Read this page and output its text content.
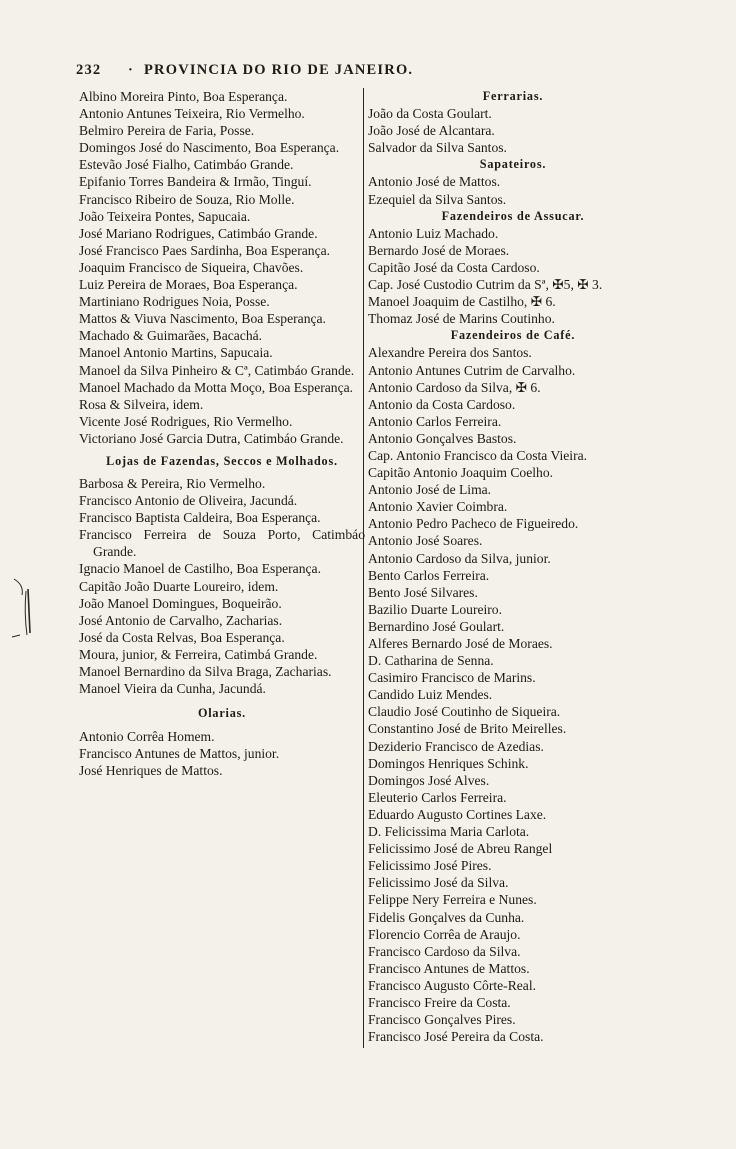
232 · PROVINCIA DO RIO DE JANEIRO.
Albino Moreira Pinto, Boa Esperança.
Antonio Antunes Teixeira, Rio Vermelho.
Belmiro Pereira de Faria, Posse.
Domingos José do Nascimento, Boa Esperança.
Estevão José Fialho, Catimbáo Grande.
Epifanio Torres Bandeira & Irmão, Tinguí.
Francisco Ribeiro de Souza, Rio Molle.
João Teixeira Pontes, Sapucaia.
José Mariano Rodrigues, Catimbáo Grande.
José Francisco Paes Sardinha, Boa Esperança.
Joaquim Francisco de Siqueira, Chavões.
Luiz Pereira de Moraes, Boa Esperança.
Martiniano Rodrigues Noia, Posse.
Mattos & Viuva Nascimento, Boa Esperança.
Machado & Guimarães, Bacachá.
Manoel Antonio Martins, Sapucaia.
Manoel da Silva Pinheiro & Cª, Catimbáo Grande.
Manoel Machado da Motta Moço, Boa Esperança.
Rosa & Silveira, idem.
Vicente José Rodrigues, Rio Vermelho.
Victoriano José Garcia Dutra, Catimbáo Grande.
Lojas de Fazendas, Seccos e Molhados.
Barbosa & Pereira, Rio Vermelho.
Francisco Antonio de Oliveira, Jacundá.
Francisco Baptista Caldeira, Boa Esperança.
Francisco Ferreira de Souza Porto, Catimbáo Grande.
Ignacio Manoel de Castilho, Boa Esperança.
Capitão João Duarte Loureiro, idem.
João Manoel Domingues, Boqueirão.
José Antonio de Carvalho, Zacharias.
José da Costa Relvas, Boa Esperança.
Moura, junior, & Ferreira, Catimbá Grande.
Manoel Bernardino da Silva Braga, Zacharias.
Manoel Vieira da Cunha, Jacundá.
Olarias.
Antonio Corrêa Homem.
Francisco Antunes de Mattos, junior.
José Henriques de Mattos.
Ferrarias.
João da Costa Goulart.
João José de Alcantara.
Salvador da Silva Santos.
Sapateiros.
Antonio José de Mattos.
Ezequiel da Silva Santos.
Fazendeiros de Assucar.
Antonio Luiz Machado.
Bernardo José de Moraes.
Capitão José da Costa Cardoso.
Cap. José Custodio Cutrim da Sª, ✠5, ✠ 3.
Manoel Joaquim de Castilho, ✠ 6.
Thomaz José de Marins Coutinho.
Fazendeiros de Café.
Alexandre Pereira dos Santos.
Antonio Antunes Cutrim de Carvalho.
Antonio Cardoso da Silva, ✠ 6.
Antonio da Costa Cardoso.
Antonio Carlos Ferreira.
Antonio Gonçalves Bastos.
Cap. Antonio Francisco da Costa Vieira.
Capitão Antonio Joaquim Coelho.
Antonio José de Lima.
Antonio Xavier Coimbra.
Antonio Pedro Pacheco de Figueiredo.
Antonio José Soares.
Antonio Cardoso da Silva, junior.
Bento Carlos Ferreira.
Bento José Silvares.
Bazilio Duarte Loureiro.
Bernardino José Goulart.
Alferes Bernardo José de Moraes.
D. Catharina de Senna.
Casimiro Francisco de Marins.
Candido Luiz Mendes.
Claudio José Coutinho de Siqueira.
Constantino José de Brito Meirelles.
Deziderio Francisco de Azedias.
Domingos Henriques Schink.
Domingos José Alves.
Eleuterio Carlos Ferreira.
Eduardo Augusto Cortines Laxe.
D. Felicissima Maria Carlota.
Felicissimo José de Abreu Rangel
Felicissimo José Pires.
Felicissimo José da Silva.
Felippe Nery Ferreira e Nunes.
Fidelis Gonçalves da Cunha.
Florencio Corrêa de Araujo.
Francisco Cardoso da Silva.
Francisco Antunes de Mattos.
Francisco Augusto Côrte-Real.
Francisco Freire da Costa.
Francisco Gonçalves Pires.
Francisco José Pereira da Costa.
